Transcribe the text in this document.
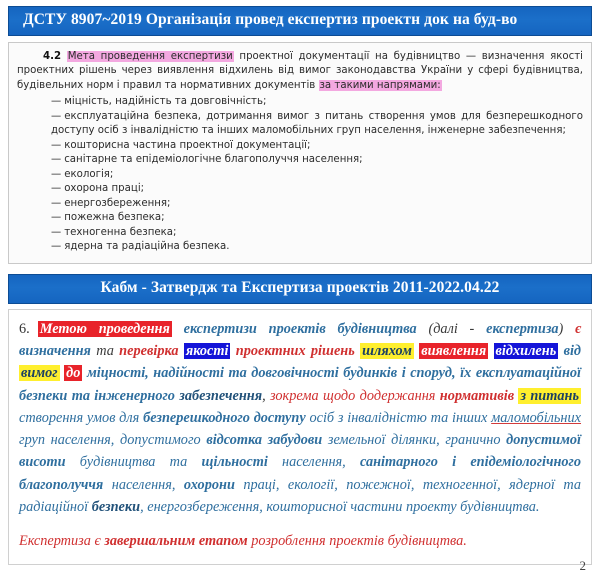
ДСТУ 8907~2019 Організація провед експертиз проектн док на буд-во

4.2 Мета проведення експертизи проектної документації на будівництво — визначення якості проектних рішень через виявлення відхилень від вимог законодавства України у сфері будівництва, будівельних норм і правил та нормативних документів за такими напрямами:

— міцність, надійність та довговічність;
— експлуатаційна безпека, дотримання вимог з питань створення умов для безперешкодного доступу осіб з інвалідністю та інших маломобільних груп населення, інженерне забезпечення;
— кошторисна частина проектної документації;
— санітарне та епідеміологічне благополуччя населення;
— екологія;
— охорона праці;
— енергозбереження;
— пожежна безпека;
— техногенна безпека;
— ядерна та радіаційна безпека.
Кабм - Затвердж та Експертиза проектів 2011-2022.04.22

6. Метою проведення експертизи проектів будівництва (далі - експертиза) є визначення та перевірка якості проектних рішень шляхом виявлення відхилень від вимог до міцності, надійності та довговічності будинків і споруд, їх експлуатаційної безпеки та інженерного забезпечення, зокрема щодо додержання нормативів з питань створення умов для безперешкодного доступу осіб з інвалідністю та інших маломобільних груп населення, допустимого відсотка забудови земельної ділянки, гранично допустимої висоти будівництва та щільності населення, санітарного і епідеміологічного благополуччя населення, охорони праці, екології, пожежної, техногенної, ядерної та радіаційної безпеки, енергозбереження, кошторисної частини проекту будівництва.

Експертиза є завершальним етапом розроблення проектів будівництва.

2
